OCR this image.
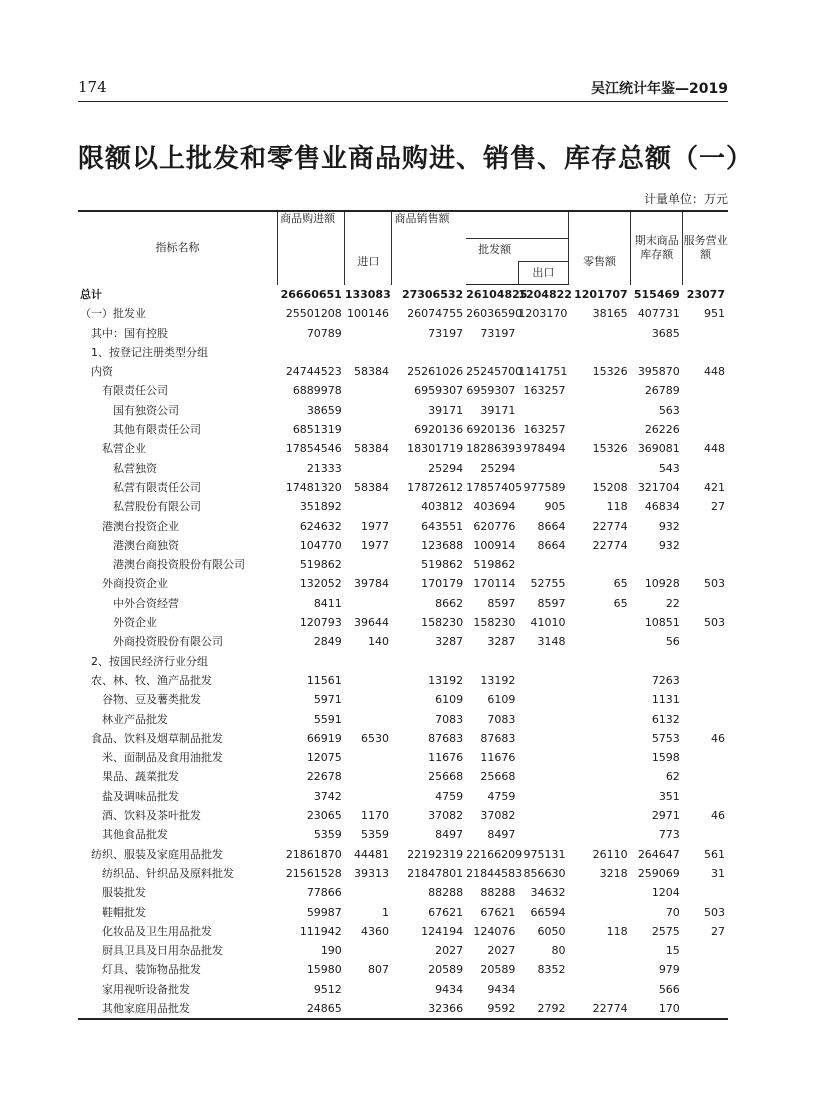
174	吴江统计年鉴—2019
限额以上批发和零售业商品购进、销售、库存总额（一）
计量单位：万元
指标名称	商品购进额		商品销售额				期末商品库存额	服务营业额
		进口		批发额		零售额		
					出口			
总计	26660651	133083	27306532	26104825	1204822	1201707	515469	23077
（一）批发业	25501208	100146	26074755	26036590	1203170	38165	407731	951
其中：国有控股	70789		73197	73197			3685	
1、按登记注册类型分组								
内资	24744523	58384	25261026	25245700	1141751	15326	395870	448
有限责任公司	6889978		6959307	6959307	163257		26789	
国有独资公司	38659		39171	39171			563	
其他有限责任公司	6851319		6920136	6920136	163257		26226	
私营企业	17854546	58384	18301719	18286393	978494	15326	369081	448
私营独资	21333		25294	25294			543	
私营有限责任公司	17481320	58384	17872612	17857405	977589	15208	321704	421
私营股份有限公司	351892		403812	403694	905	118	46834	27
港澳台投资企业	624632	1977	643551	620776	8664	22774	932	
港澳台商独资	104770	1977	123688	100914	8664	22774	932	
港澳台商投资股份有限公司	519862		519862	519862				
外商投资企业	132052	39784	170179	170114	52755	65	10928	503
中外合资经营	8411		8662	8597	8597	65	22	
外资企业	120793	39644	158230	158230	41010		10851	503
外商投资股份有限公司	2849	140	3287	3287	3148		56	
2、按国民经济行业分组								
农、林、牧、渔产品批发	11561		13192	13192			7263	
谷物、豆及薯类批发	5971		6109	6109			1131	
林业产品批发	5591		7083	7083			6132	
食品、饮料及烟草制品批发	66919	6530	87683	87683			5753	46
米、面制品及食用油批发	12075		11676	11676			1598	
果品、蔬菜批发	22678		25668	25668			62	
盐及调味品批发	3742		4759	4759			351	
酒、饮料及茶叶批发	23065	1170	37082	37082			2971	46
其他食品批发	5359	5359	8497	8497			773	
纺织、服装及家庭用品批发	21861870	44481	22192319	22166209	975131	26110	264647	561
纺织品、针织品及原料批发	21561528	39313	21847801	21844583	856630	3218	259069	31
服装批发	77866		88288	88288	34632		1204	
鞋帽批发	59987	1	67621	67621	66594		70	503
化妆品及卫生用品批发	111942	4360	124194	124076	6050	118	2575	27
厨具卫具及日用杂品批发	190		2027	2027	80		15	
灯具、装饰物品批发	15980	807	20589	20589	8352		979	
家用视听设备批发	9512		9434	9434			566	
其他家庭用品批发	24865		32366	9592	2792	22774	170	
